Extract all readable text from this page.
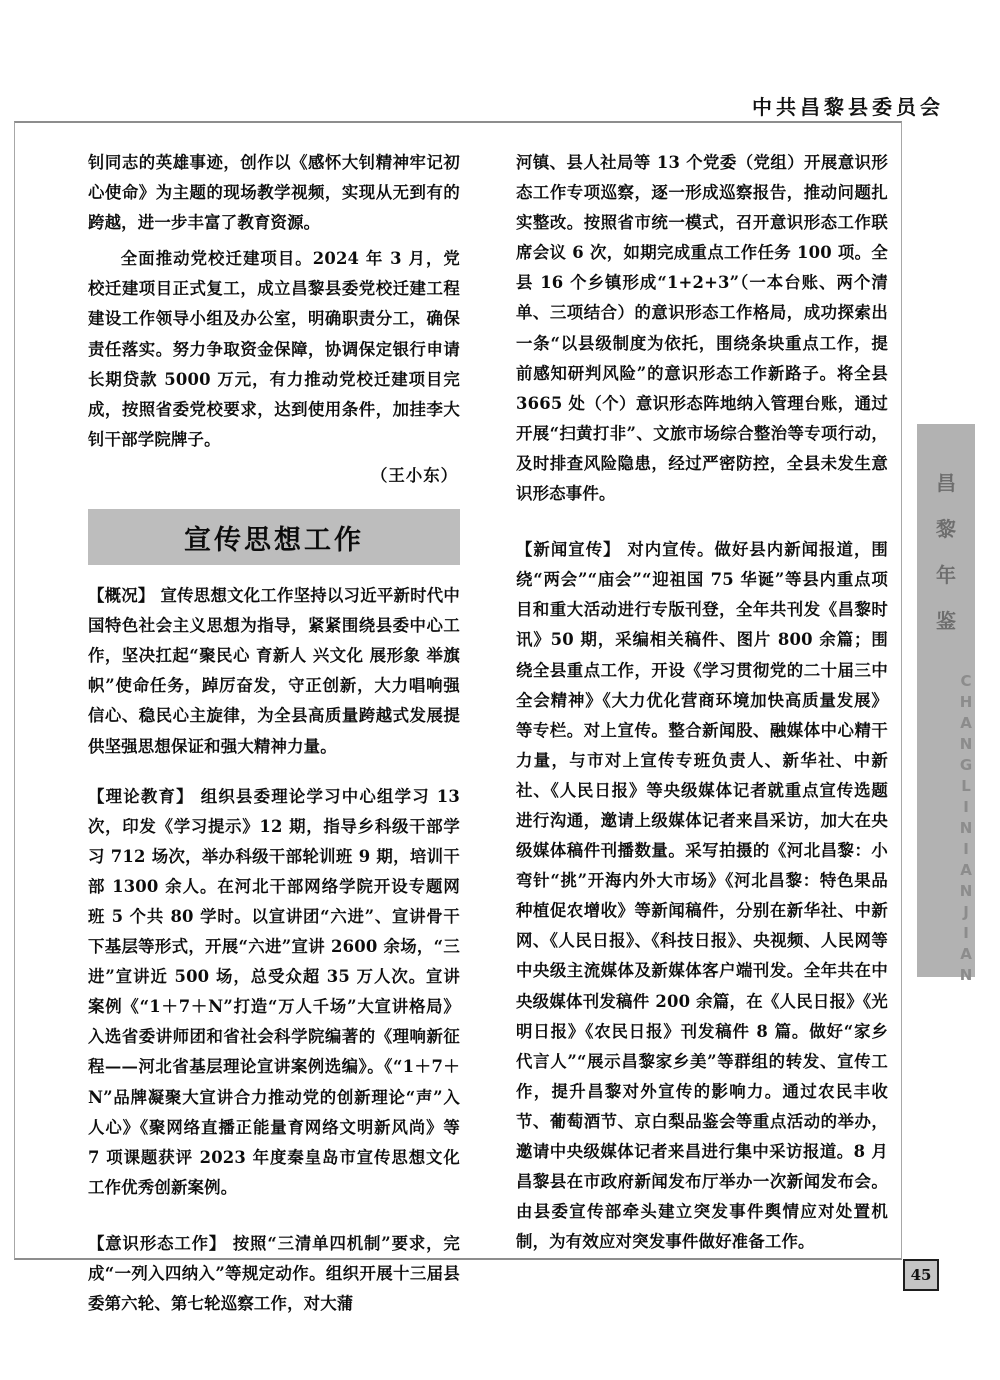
中共昌黎县委员会
昌
黎
年
鉴
CHANGLINIANJIAN
45

钊同志的英雄事迹，创作以《感怀大钊精神牢记初心使命》为主题的现场教学视频，实现从无到有的跨越，进一步丰富了教育资源。

全面推动党校迁建项目。2024 年 3 月，党校迁建项目正式复工，成立昌黎县委党校迁建工程建设工作领导小组及办公室，明确职责分工，确保责任落实。努力争取资金保障，协调保定银行申请长期贷款 5000 万元，有力推动党校迁建项目完成，按照省委党校要求，达到使用条件，加挂李大钊干部学院牌子。

（王小东）

宣传思想工作

【概况】 宣传思想文化工作坚持以习近平新时代中国特色社会主义思想为指导，紧紧围绕县委中心工作，坚决扛起“聚民心 育新人 兴文化 展形象 举旗帜”使命任务，踔厉奋发，守正创新，大力唱响强信心、稳民心主旋律，为全县高质量跨越式发展提供坚强思想保证和强大精神力量。

【理论教育】 组织县委理论学习中心组学习 13 次，印发《学习提示》12 期，指导乡科级干部学习 712 场次，举办科级干部轮训班 9 期，培训干部 1300 余人。在河北干部网络学院开设专题网班 5 个共 80 学时。以宣讲团“六进”、宣讲骨干下基层等形式，开展“六进”宣讲 2600 余场，“三进”宣讲近 500 场，总受众超 35 万人次。宣讲案例《“1＋7＋N”打造“万人千场”大宣讲格局》入选省委讲师团和省社会科学院编著的《理响新征程——河北省基层理论宣讲案例选编》。《“1＋7＋N”品牌凝聚大宣讲合力推动党的创新理论“声”入人心》《聚网络直播正能量育网络文明新风尚》等 7 项课题获评 2023 年度秦皇岛市宣传思想文化工作优秀创新案例。

【意识形态工作】 按照“三清单四机制”要求，完成“一列入四纳入”等规定动作。组织开展十三届县委第六轮、第七轮巡察工作，对大蒲

河镇、县人社局等 13 个党委（党组）开展意识形态工作专项巡察，逐一形成巡察报告，推动问题扎实整改。按照省市统一模式，召开意识形态工作联席会议 6 次，如期完成重点工作任务 100 项。全县 16 个乡镇形成“1+2+3”（一本台账、两个清单、三项结合）的意识形态工作格局，成功探索出一条“以县级制度为依托，围绕条块重点工作，提前感知研判风险”的意识形态工作新路子。将全县 3665 处（个）意识形态阵地纳入管理台账，通过开展“扫黄打非”、文旅市场综合整治等专项行动，及时排查风险隐患，经过严密防控，全县未发生意识形态事件。

【新闻宣传】 对内宣传。做好县内新闻报道，围绕“两会”“庙会”“迎祖国 75 华诞”等县内重点项目和重大活动进行专版刊登，全年共刊发《昌黎时讯》50 期，采编相关稿件、图片 800 余篇；围绕全县重点工作，开设《学习贯彻党的二十届三中全会精神》《大力优化营商环境加快高质量发展》等专栏。对上宣传。整合新闻股、融媒体中心精干力量，与市对上宣传专班负责人、新华社、中新社、《人民日报》等央级媒体记者就重点宣传选题进行沟通，邀请上级媒体记者来昌采访，加大在央级媒体稿件刊播数量。采写拍摄的《河北昌黎：小弯针“挑”开海内外大市场》《河北昌黎：特色果品种植促农增收》等新闻稿件，分别在新华社、中新网、《人民日报》、《科技日报》、央视频、人民网等中央级主流媒体及新媒体客户端刊发。全年共在中央级媒体刊发稿件 200 余篇，在《人民日报》《光明日报》《农民日报》刊发稿件 8 篇。做好“家乡代言人”“展示昌黎家乡美”等群组的转发、宣传工作，提升昌黎对外宣传的影响力。通过农民丰收节、葡萄酒节、京白梨品鉴会等重点活动的举办，邀请中央级媒体记者来昌进行集中采访报道。8 月昌黎县在市政府新闻发布厅举办一次新闻发布会。由县委宣传部牵头建立突发事件舆情应对处置机制，为有效应对突发事件做好准备工作。
